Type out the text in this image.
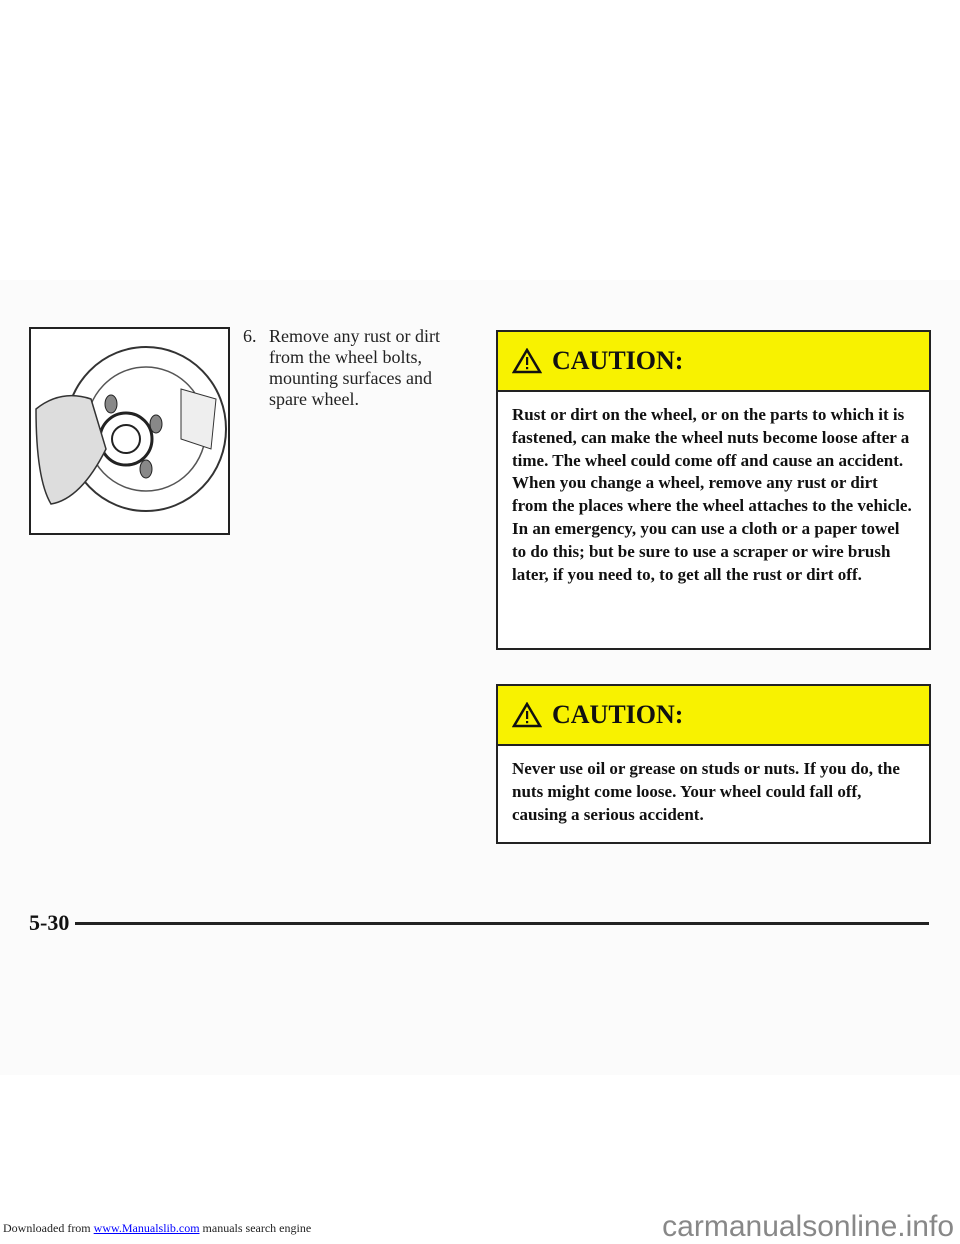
6. Remove any rust or dirt from the wheel bolts, mounting surfaces and spare wheel.
CAUTION:
Rust or dirt on the wheel, or on the parts to which it is fastened, can make the wheel nuts become loose after a time. The wheel could come off and cause an accident. When you change a wheel, remove any rust or dirt from the places where the wheel attaches to the vehicle. In an emergency, you can use a cloth or a paper towel to do this; but be sure to use a scraper or wire brush later, if you need to, to get all the rust or dirt off.
CAUTION:
Never use oil or grease on studs or nuts. If you do, the nuts might come loose. Your wheel could fall off, causing a serious accident.
5-30
Downloaded from www.Manualslib.com manuals search engine	carmanualsonline.info
